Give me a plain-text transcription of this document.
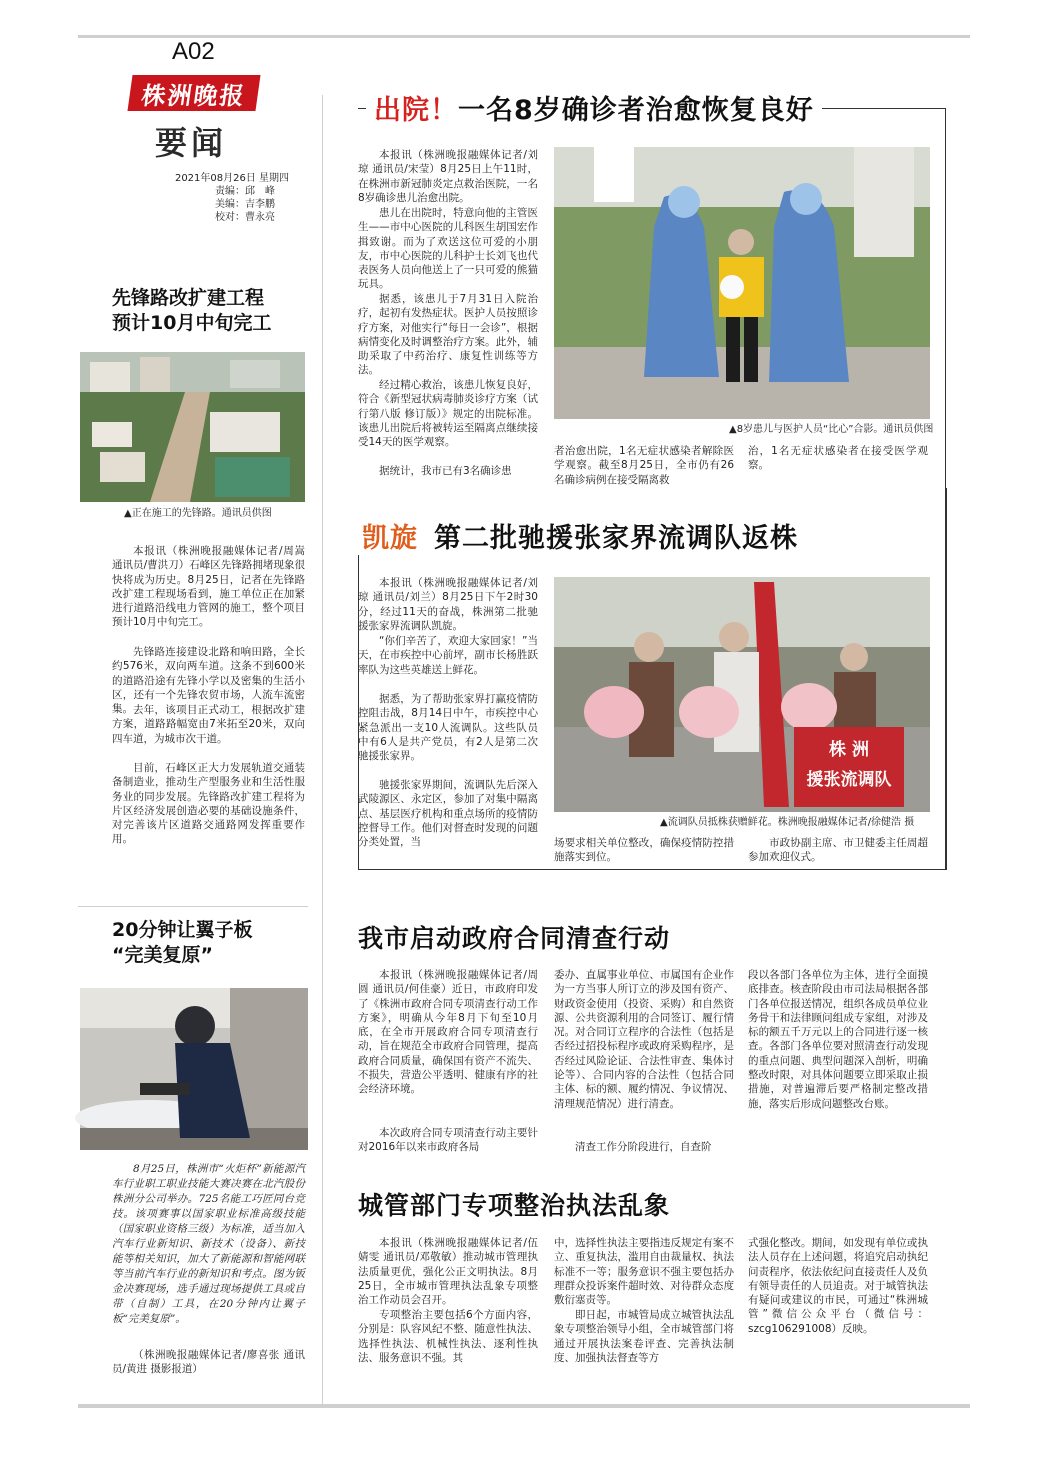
A02
株洲晚报
要闻
2021年08月26日 星期四
责编：邱　峰
美编：吉李鹏
校对：曹永亮
先锋路改扩建工程
预计10月中旬完工
▲正在施工的先锋路。通讯员供图

本报讯（株洲晚报融媒体记者/周嵩 通讯员/曹洪刀）石峰区先锋路拥堵现象很快将成为历史。8月25日，记者在先锋路改扩建工程现场看到，施工单位正在加紧进行道路沿线电力管网的施工，整个项目预计10月中旬完工。

先锋路连接建设北路和响田路，全长约576米，双向两车道。这条不到600米的道路沿途有先锋小学以及密集的生活小区，还有一个先锋农贸市场，人流车流密集。 去年，该项目正式动工，根据改扩建方案，道路路幅宽由7米拓至20米，双向四车道，为城市次干道。

目前，石峰区正大力发展轨道交通装备制造业，推动生产型服务业和生活性服务业的同步发展。先锋路改扩建工程将为片区经济发展创造必要的基础设施条件，对完善该片区道路交通路网发挥重要作用。

20分钟让翼子板
“完美复原”

8月25日，株洲市“火炬杯”新能源汽车行业职工职业技能大赛决赛在北汽股份株洲分公司举办。725名能工巧匠同台竞技。该项赛事以国家职业标准高级技能（国家职业资格三级）为标准，适当加入汽车行业新知识、新技术（设备）、新技能等相关知识，加大了新能源和智能网联等当前汽车行业的新知识和考点。图为钣金决赛现场，选手通过现场提供工具或自带（自制）工具，在20分钟内让翼子板“完美复原”。

（株洲晚报融媒体记者/廖喜张 通讯员/黄进 摄影报道）

出院！一名8岁确诊者治愈恢复良好

本报讯（株洲晚报融媒体记者/刘琼 通讯员/宋莹）8月25日上午11时，在株洲市新冠肺炎定点救治医院，一名8岁确诊患儿治愈出院。

患儿在出院时，特意向他的主管医生——市中心医院的儿科医生胡国宏作揖致谢。而为了欢送这位可爱的小朋友，市中心医院的儿科护士长刘飞也代表医务人员向他送上了一只可爱的熊猫玩具。

据悉，该患儿于7月31日入院治疗，起初有发热症状。医护人员按照诊疗方案，对他实行“每日一会诊”，根据病情变化及时调整治疗方案。此外，辅助采取了中药治疗、康复性训练等方法。

经过精心救治，该患儿恢复良好，符合《新型冠状病毒肺炎诊疗方案（试行第八版 修订版）》规定的出院标准。该患儿出院后将被转运至隔离点继续接受14天的医学观察。

据统计，我市已有3名确诊患

▲8岁患儿与医护人员“比心”合影。通讯员供图

者治愈出院，1名无症状感染者解除医学观察。截至8月25日，全市仍有26名确诊病例在接受隔离救

治，1名无症状感染者在接受医学观察。

凯旋 第二批驰援张家界流调队返株

本报讯（株洲晚报融媒体记者/刘琼 通讯员/刘兰）8月25日下午2时30分，经过11天的奋战，株洲第二批驰援张家界流调队凯旋。

“你们辛苦了，欢迎大家回家！”当天，在市疾控中心前坪，副市长杨胜跃率队为这些英雄送上鲜花。

据悉，为了帮助张家界打赢疫情防控阻击战，8月14日中午，市疾控中心紧急派出一支10人流调队。这些队员中有6人是共产党员，有2人是第二次驰援张家界。

驰援张家界期间，流调队先后深入武陵源区、永定区，参加了对集中隔离点、基层医疗机构和重点场所的疫情防控督导工作。他们对督查时发现的问题分类处置，当

株 洲
援张流调队
▲流调队员抵株获赠鲜花。株洲晚报融媒体记者/徐健浩 摄

场要求相关单位整改，确保疫情防控措施落实到位。

市政协副主席、市卫健委主任周超参加欢迎仪式。

我市启动政府合同清查行动

本报讯（株洲晚报融媒体记者/周圆 通讯员/何佳豪）近日，市政府印发了《株洲市政府合同专项清查行动工作方案》，明确从今年8月下旬至10月底，在全市开展政府合同专项清查行动，旨在规范全市政府合同管理，提高政府合同质量，确保国有资产不流失、不损失，营造公平透明、健康有序的社会经济环境。

本次政府合同专项清查行动主要针对2016年以来市政府各局

委办、直属事业单位、市属国有企业作为一方当事人所订立的涉及国有资产、财政资金使用（投资、采购）和自然资源、公共资源利用的合同签订、履行情况。对合同订立程序的合法性（包括是否经过招投标程序或政府采购程序，是否经过风险论证、合法性审查、集体讨论等）、合同内容的合法性（包括合同主体、标的额、履约情况、争议情况、清理规范情况）进行清查。

清查工作分阶段进行，自查阶

段以各部门各单位为主体，进行全面摸底排查。核查阶段由市司法局根据各部门各单位报送情况，组织各成员单位业务骨干和法律顾问组成专家组，对涉及标的额五千万元以上的合同进行逐一核查。各部门各单位要对照清查行动发现的重点问题、典型问题深入剖析，明确整改时限，对具体问题要立即采取止损措施，对普遍滞后要严格制定整改措施，落实后形成问题整改台账。

城管部门专项整治执法乱象

本报讯（株洲晚报融媒体记者/伍婧雯 通讯员/邓敬敏）推动城市管理执法质量更优，强化公正文明执法。8月25日，全市城市管理执法乱象专项整治工作动员会召开。

专项整治主要包括6个方面内容，分别是：队容风纪不整、随意性执法、选择性执法、机械性执法、逐利性执法、服务意识不强。其

中，选择性执法主要指违反规定有案不立、重复执法，滥用自由裁量权、执法标准不一等；服务意识不强主要包括办理群众投诉案件超时效、对待群众态度敷衍塞责等。

即日起，市城管局成立城管执法乱象专项整治领导小组，全市城管部门将通过开展执法案卷评查、完善执法制度、加强执法督查等方

式强化整改。期间，如发现有单位或执法人员存在上述问题，将追究启动执纪问责程序，依法依纪问直接责任人及负有领导责任的人员追责。对于城管执法有疑问或建议的市民，可通过“株洲城管”微信公众平台（微信号：szcg106291008）反映。
